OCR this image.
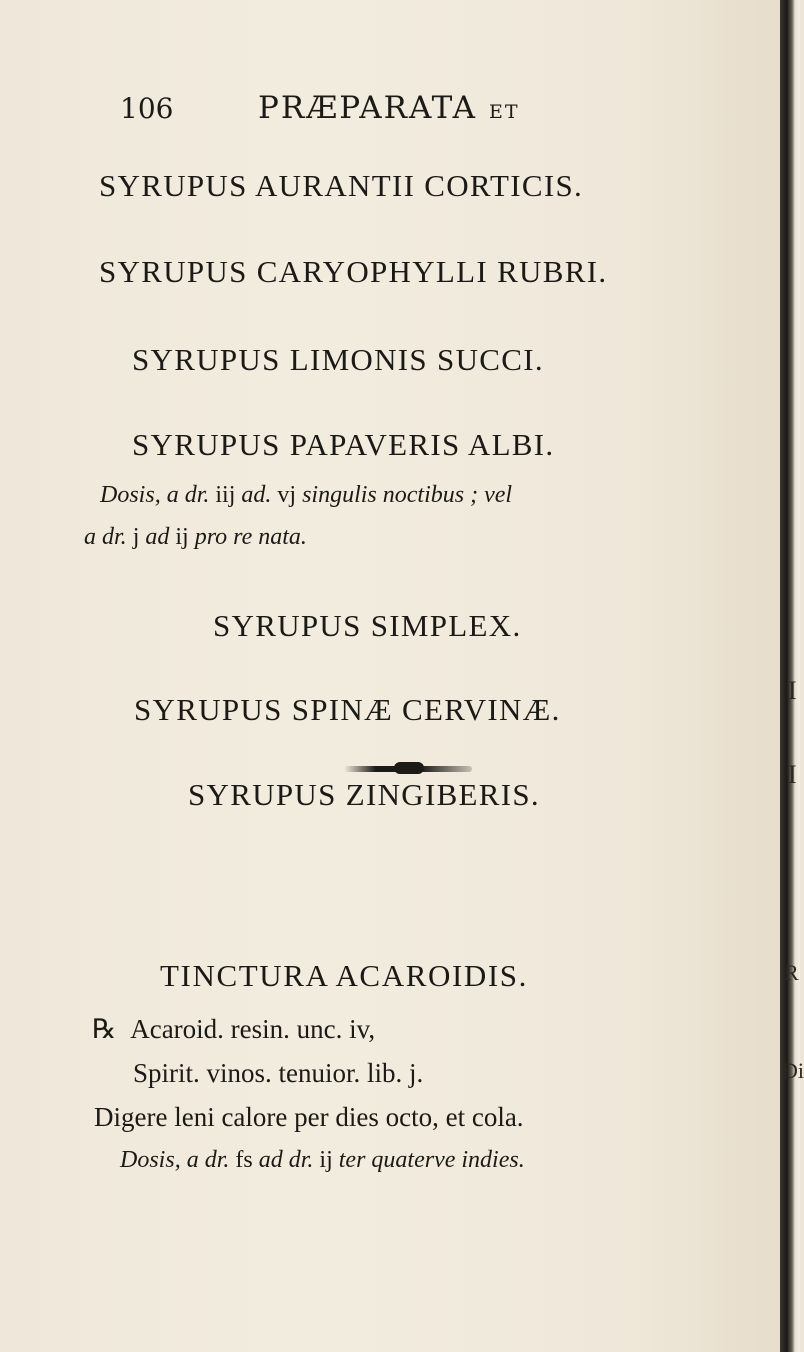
106	PRÆPARATA ET
SYRUPUS AURANTII CORTICIS.
SYRUPUS CARYOPHYLLI RUBRI.
SYRUPUS LIMONIS SUCCI.
SYRUPUS PAPAVERIS ALBI.
Dosis, a dr. iij ad. vj singulis noctibus ; vel
a dr. j ad ij pro re nata.
SYRUPUS SIMPLEX.
SYRUPUS SPINÆ CERVINÆ.
SYRUPUS ZINGIBERIS.
TINCTURA ACAROIDIS.
℞ Acaroid. resin. unc. iv,
Spirit. vinos. tenuior. lib. j.
Digere leni calore per dies octo, et cola.
Dosis, a dr. fs ad dr. ij ter quaterve indies.
I
I
R
Di
